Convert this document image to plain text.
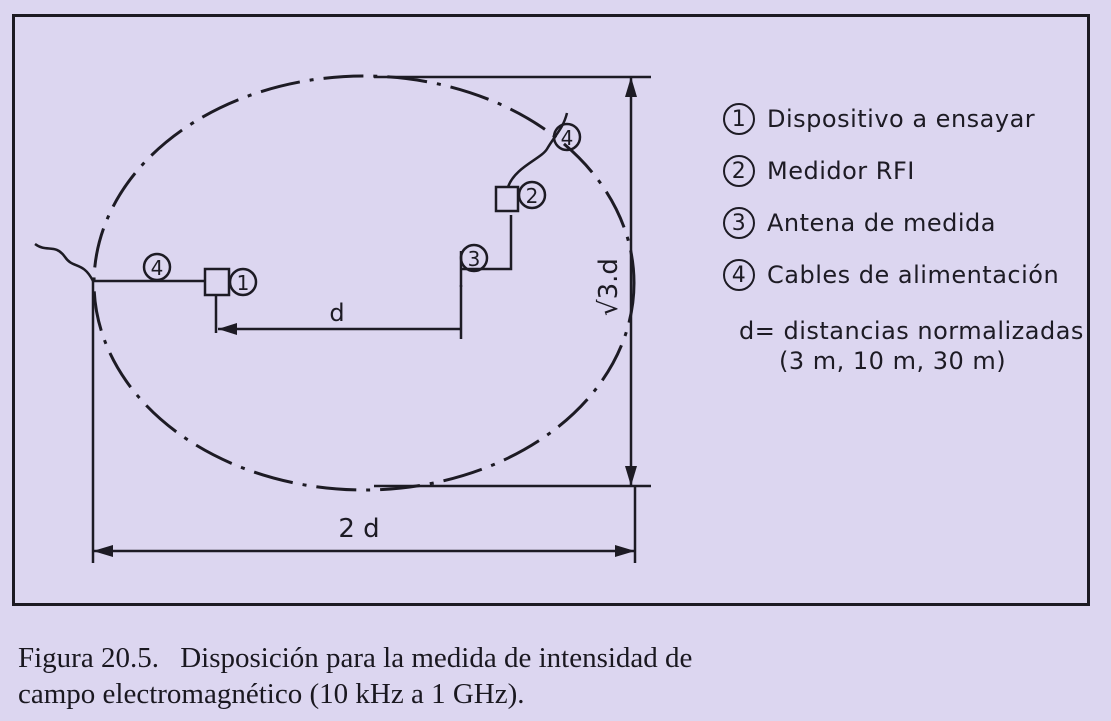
4
1
d
3
2
4
√3.d
2 d
1 Dispositivo a ensayar
2 Medidor RFI
3 Antena de medida
4 Cables de alimentación
d= distancias normalizadas
(3 m, 10 m, 30 m)
Figura 20.5. Disposición para la medida de intensidad de
campo electromagnético (10 kHz a 1 GHz).
